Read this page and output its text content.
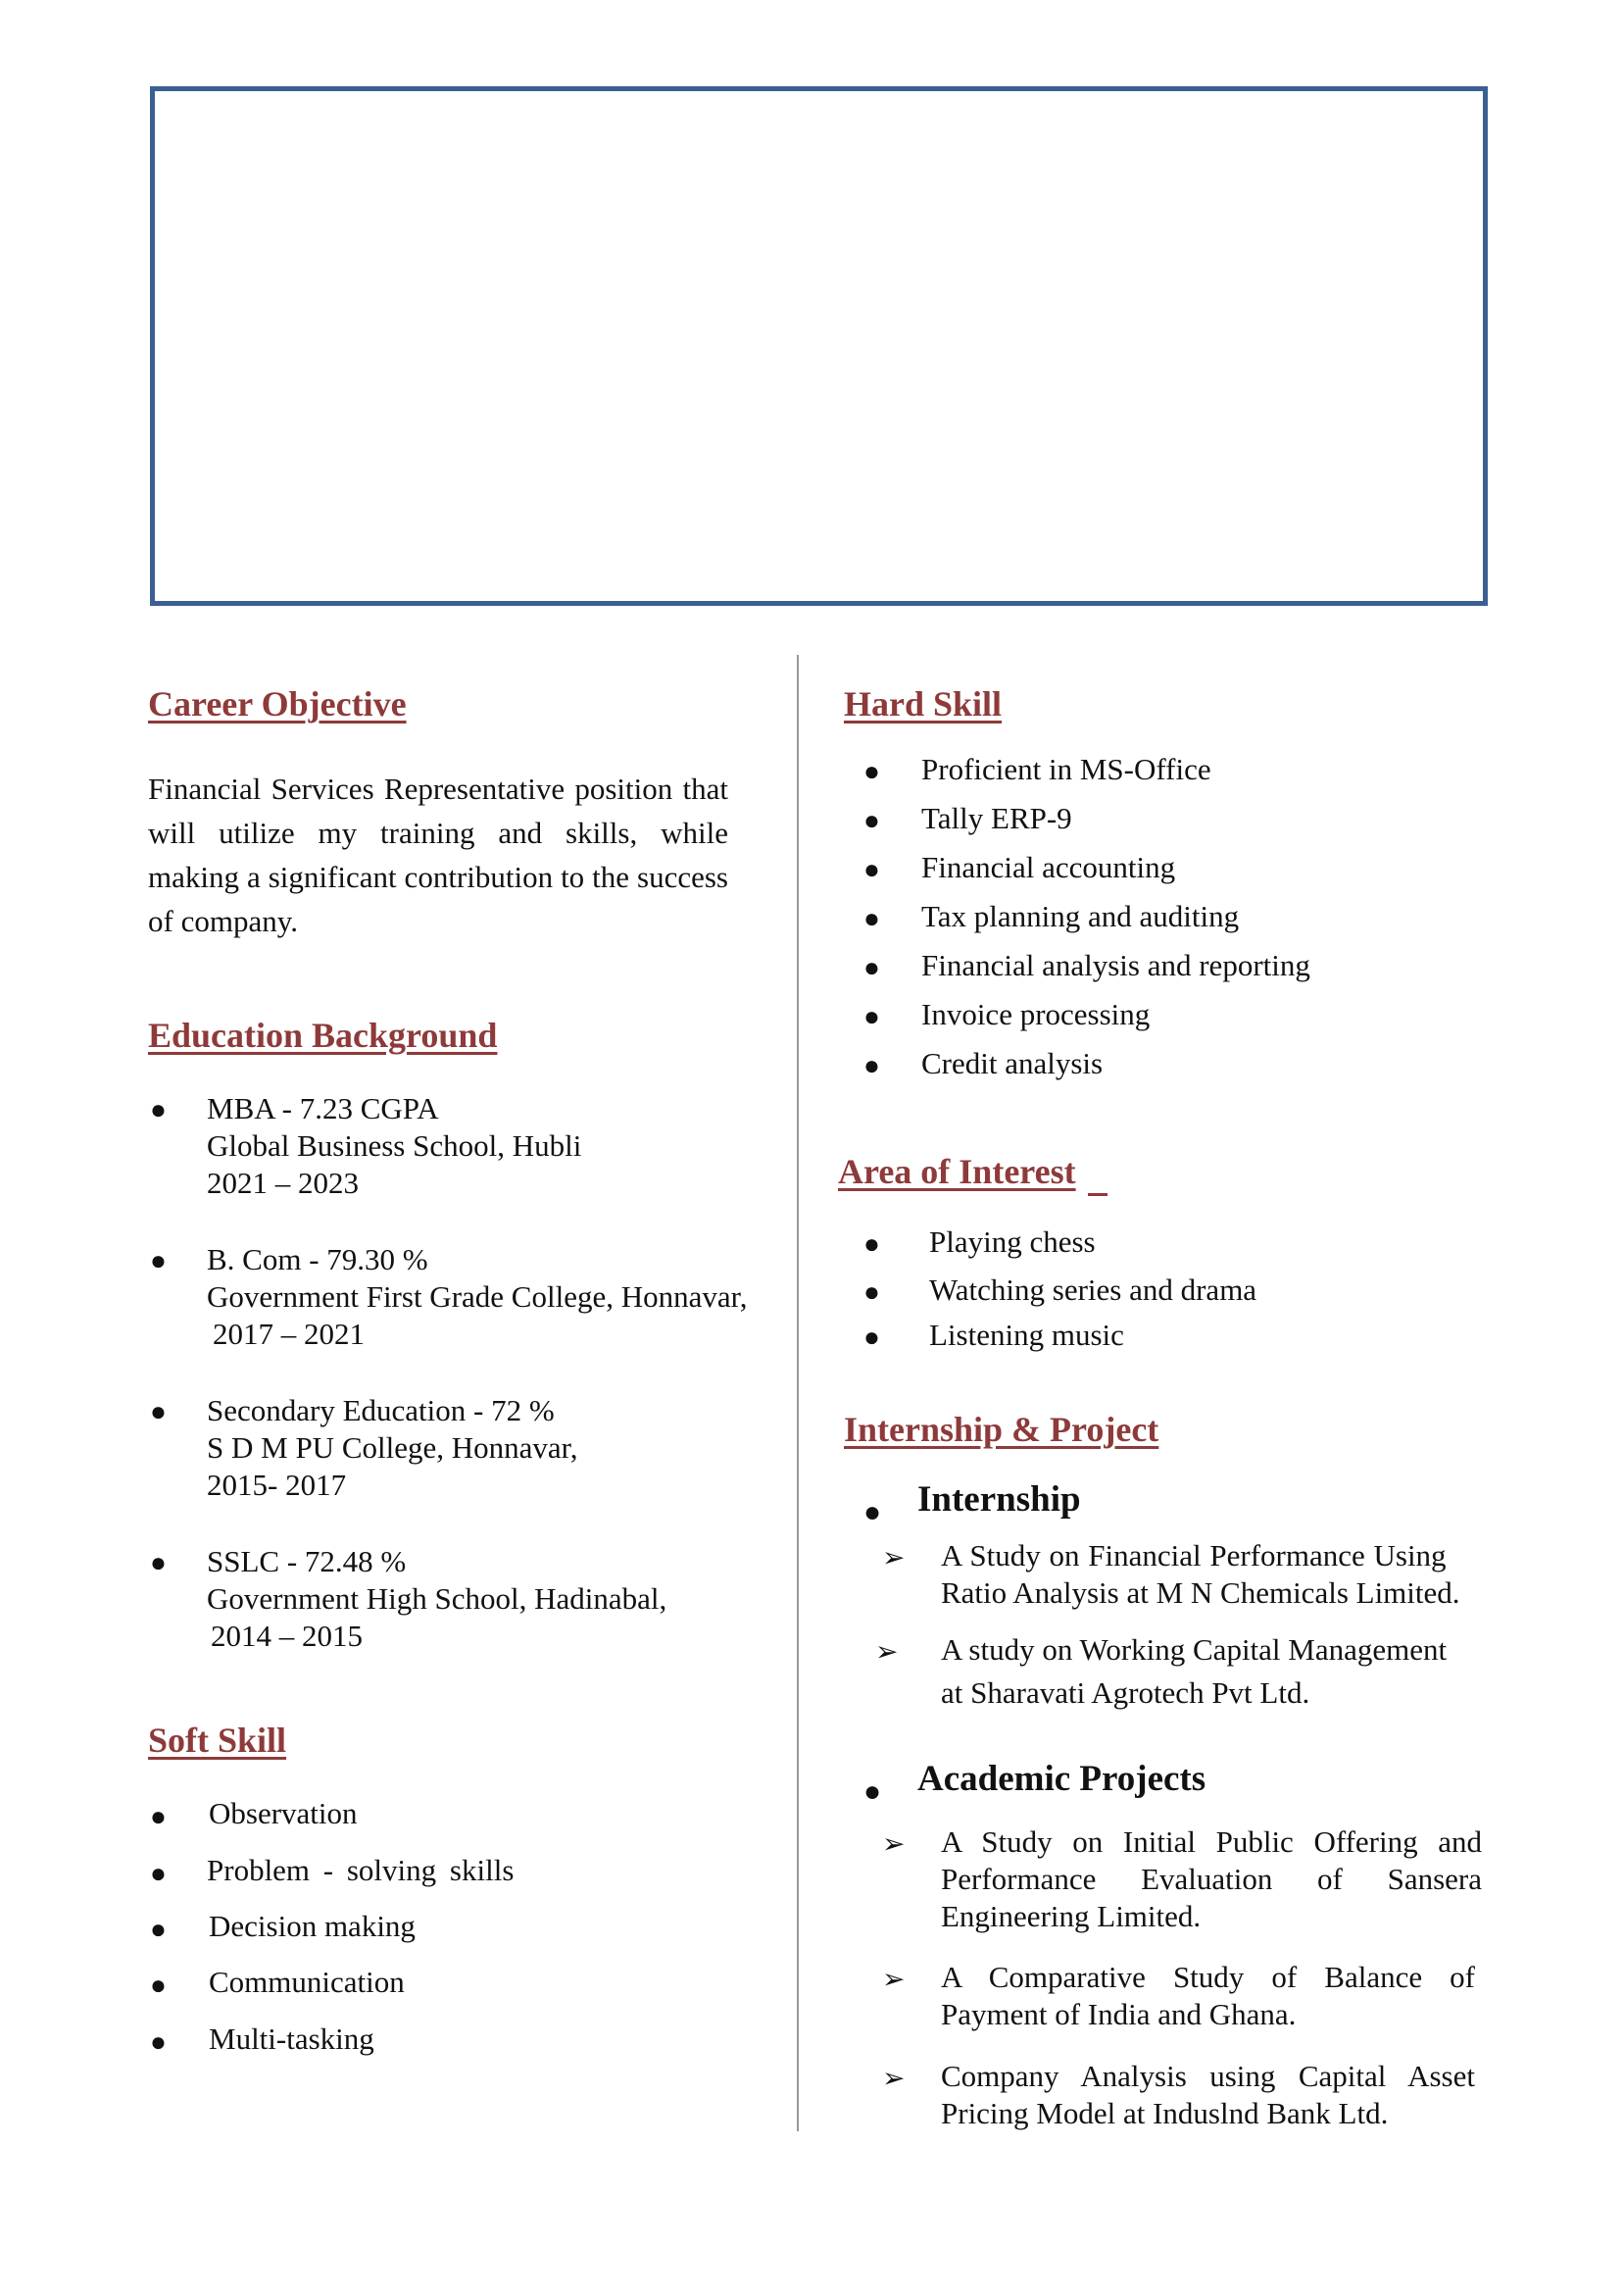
Career Objective
Financial Services Representative position that will utilize my training and skills, while making a significant contribution to the success of company.
Education Background
● MBA - 7.23 CGPA
Global Business School, Hubli
2021 – 2023
● B. Com - 79.30 %
Government First Grade College, Honnavar,
2017 – 2021
● Secondary Education - 72 %
S D M PU College, Honnavar,
2015- 2017
● SSLC - 72.48 %
Government High School, Hadinabal,
2014 – 2015
Soft Skill
● Observation
● Problem - solving skills
● Decision making
● Communication
● Multi-tasking
Hard Skill
● Proficient in MS-Office
● Tally ERP-9
● Financial accounting
● Tax planning and auditing
● Financial analysis and reporting
● Invoice processing
● Credit analysis
Area of Interest
● Playing chess
● Watching series and drama
● Listening music
Internship & Project
● Internship
➢ A Study on Financial Performance Using
Ratio Analysis at M N Chemicals Limited.
➢ A study on Working Capital Management
at Sharavati Agrotech Pvt Ltd.
● Academic Projects
➢ A Study on Initial Public Offering and
Performance Evaluation of Sansera
Engineering Limited.
➢ A Comparative Study of Balance of
Payment of India and Ghana.
➢ Company Analysis using Capital Asset
Pricing Model at Induslnd Bank Ltd.
